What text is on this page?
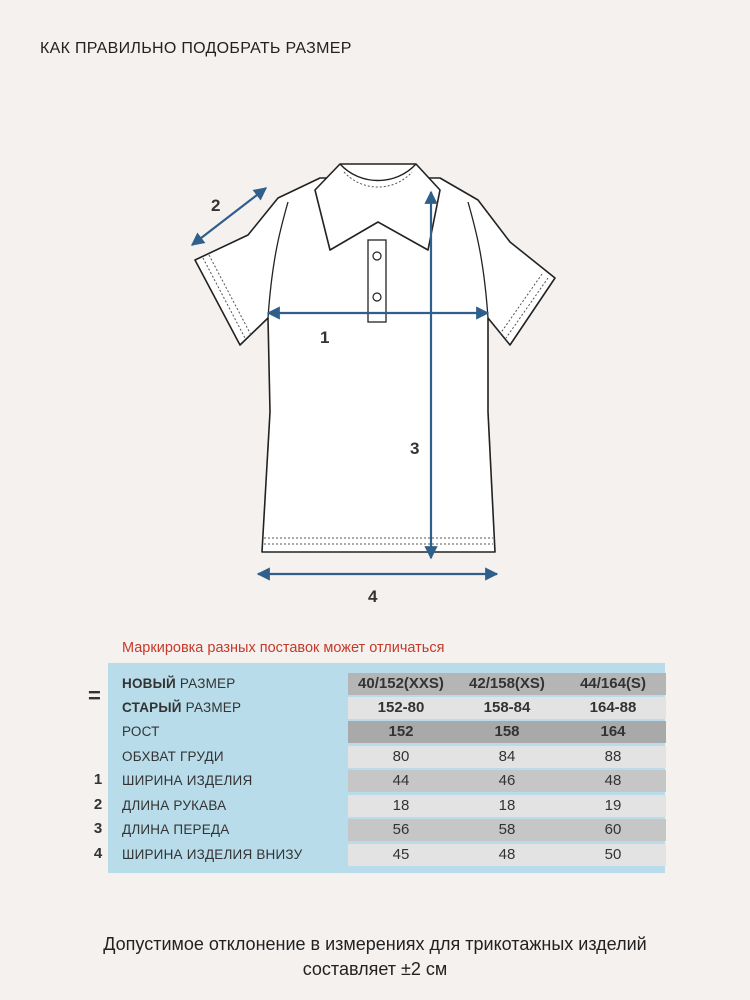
КАК ПРАВИЛЬНО ПОДОБРАТЬ РАЗМЕР
1
2
3
4
Маркировка разных поставок может отличаться
=
1
2
3
4
НОВЫЙ РАЗМЕР	40/152(XXS)	42/158(XS)	44/164(S)
СТАРЫЙ РАЗМЕР	152-80	158-84	164-88
РОСТ	152	158	164
ОБХВАТ ГРУДИ	80	84	88
ШИРИНА ИЗДЕЛИЯ	44	46	48
ДЛИНА РУКАВА	18	18	19
ДЛИНА ПЕРЕДА	56	58	60
ШИРИНА ИЗДЕЛИЯ ВНИЗУ	45	48	50
Допустимое отклонение в измерениях для трикотажных изделий
составляет ±2 см
